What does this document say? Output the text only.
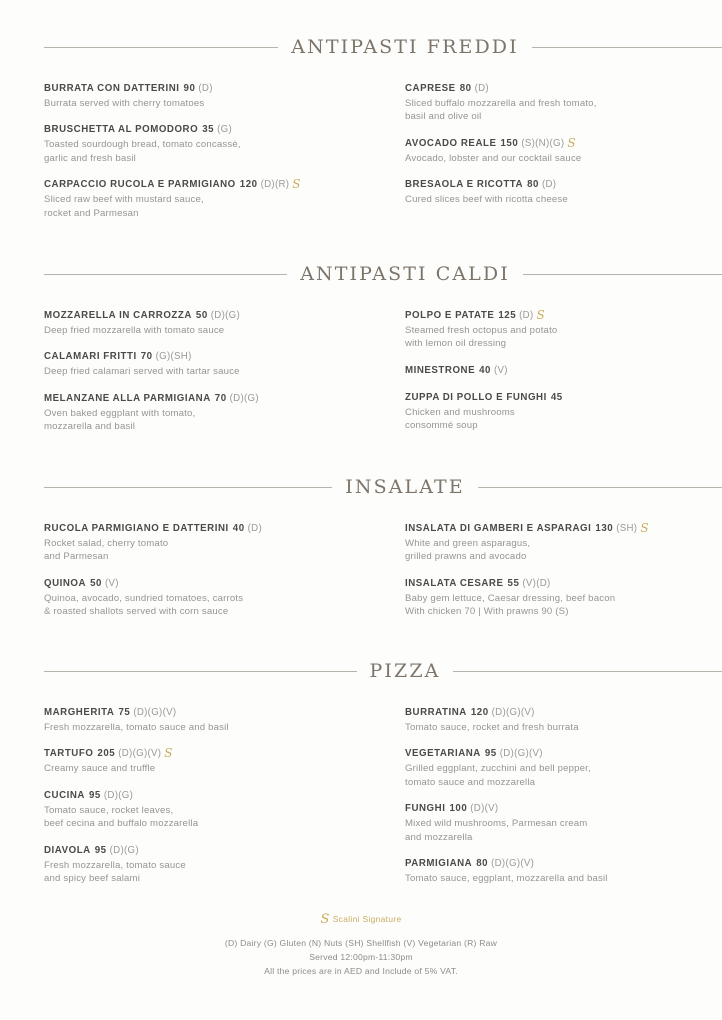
ANTIPASTI FREDDI
BURRATA CON DATTERINI 90 (D)
Burrata served with cherry tomatoes
BRUSCHETTA AL POMODORO 35 (G)
Toasted sourdough bread, tomato concassè,
garlic and fresh basil
CARPACCIO RUCOLA E PARMIGIANO 120 (D)(R) S
Sliced raw beef with mustard sauce,
rocket and Parmesan
CAPRESE 80 (D)
Sliced buffalo mozzarella and fresh tomato,
basil and olive oil
AVOCADO REALE 150 (S)(N)(G) S
Avocado, lobster and our cocktail sauce
BRESAOLA E RICOTTA 80 (D)
Cured slices beef with ricotta cheese
ANTIPASTI CALDI
MOZZARELLA IN CARROZZA 50 (D)(G)
Deep fried mozzarella with tomato sauce
CALAMARI FRITTI 70 (G)(SH)
Deep fried calamari served with tartar sauce
MELANZANE ALLA PARMIGIANA 70 (D)(G)
Oven baked eggplant with tomato,
mozzarella and basil
POLPO E PATATE 125 (D) S
Steamed fresh octopus and potato
with lemon oil dressing
MINESTRONE 40 (V)
ZUPPA DI POLLO E FUNGHI 45
Chicken and mushrooms
consommé soup
INSALATE
RUCOLA PARMIGIANO E DATTERINI 40 (D)
Rocket salad, cherry tomato
and Parmesan
QUINOA 50 (V)
Quinoa, avocado, sundried tomatoes, carrots
& roasted shallots served with corn sauce
INSALATA DI GAMBERI E ASPARAGI 130 (SH) S
White and green asparagus,
grilled prawns and avocado
INSALATA CESARE 55 (V)(D)
Baby gem lettuce, Caesar dressing, beef bacon
With chicken 70 | With prawns 90 (S)
PIZZA
MARGHERITA 75 (D)(G)(V)
Fresh mozzarella, tomato sauce and basil
TARTUFO 205 (D)(G)(V) S
Creamy sauce and truffle
CUCINA 95 (D)(G)
Tomato sauce, rocket leaves,
beef cecina and buffalo mozzarella
DIAVOLA 95 (D)(G)
Fresh mozzarella, tomato sauce
and spicy beef salami
BURRATINA 120 (D)(G)(V)
Tomato sauce, rocket and fresh burrata
VEGETARIANA 95 (D)(G)(V)
Grilled eggplant, zucchini and bell pepper,
tomato sauce and mozzarella
FUNGHI 100 (D)(V)
Mixed wild mushrooms, Parmesan cream
and mozzarella
PARMIGIANA 80 (D)(G)(V)
Tomato sauce, eggplant, mozzarella and basil
S Scalini Signature
(D) Dairy (G) Gluten (N) Nuts (SH) Shellfish (V) Vegetarian (R) Raw
Served 12:00pm-11:30pm
All the prices are in AED and Include of 5% VAT.
